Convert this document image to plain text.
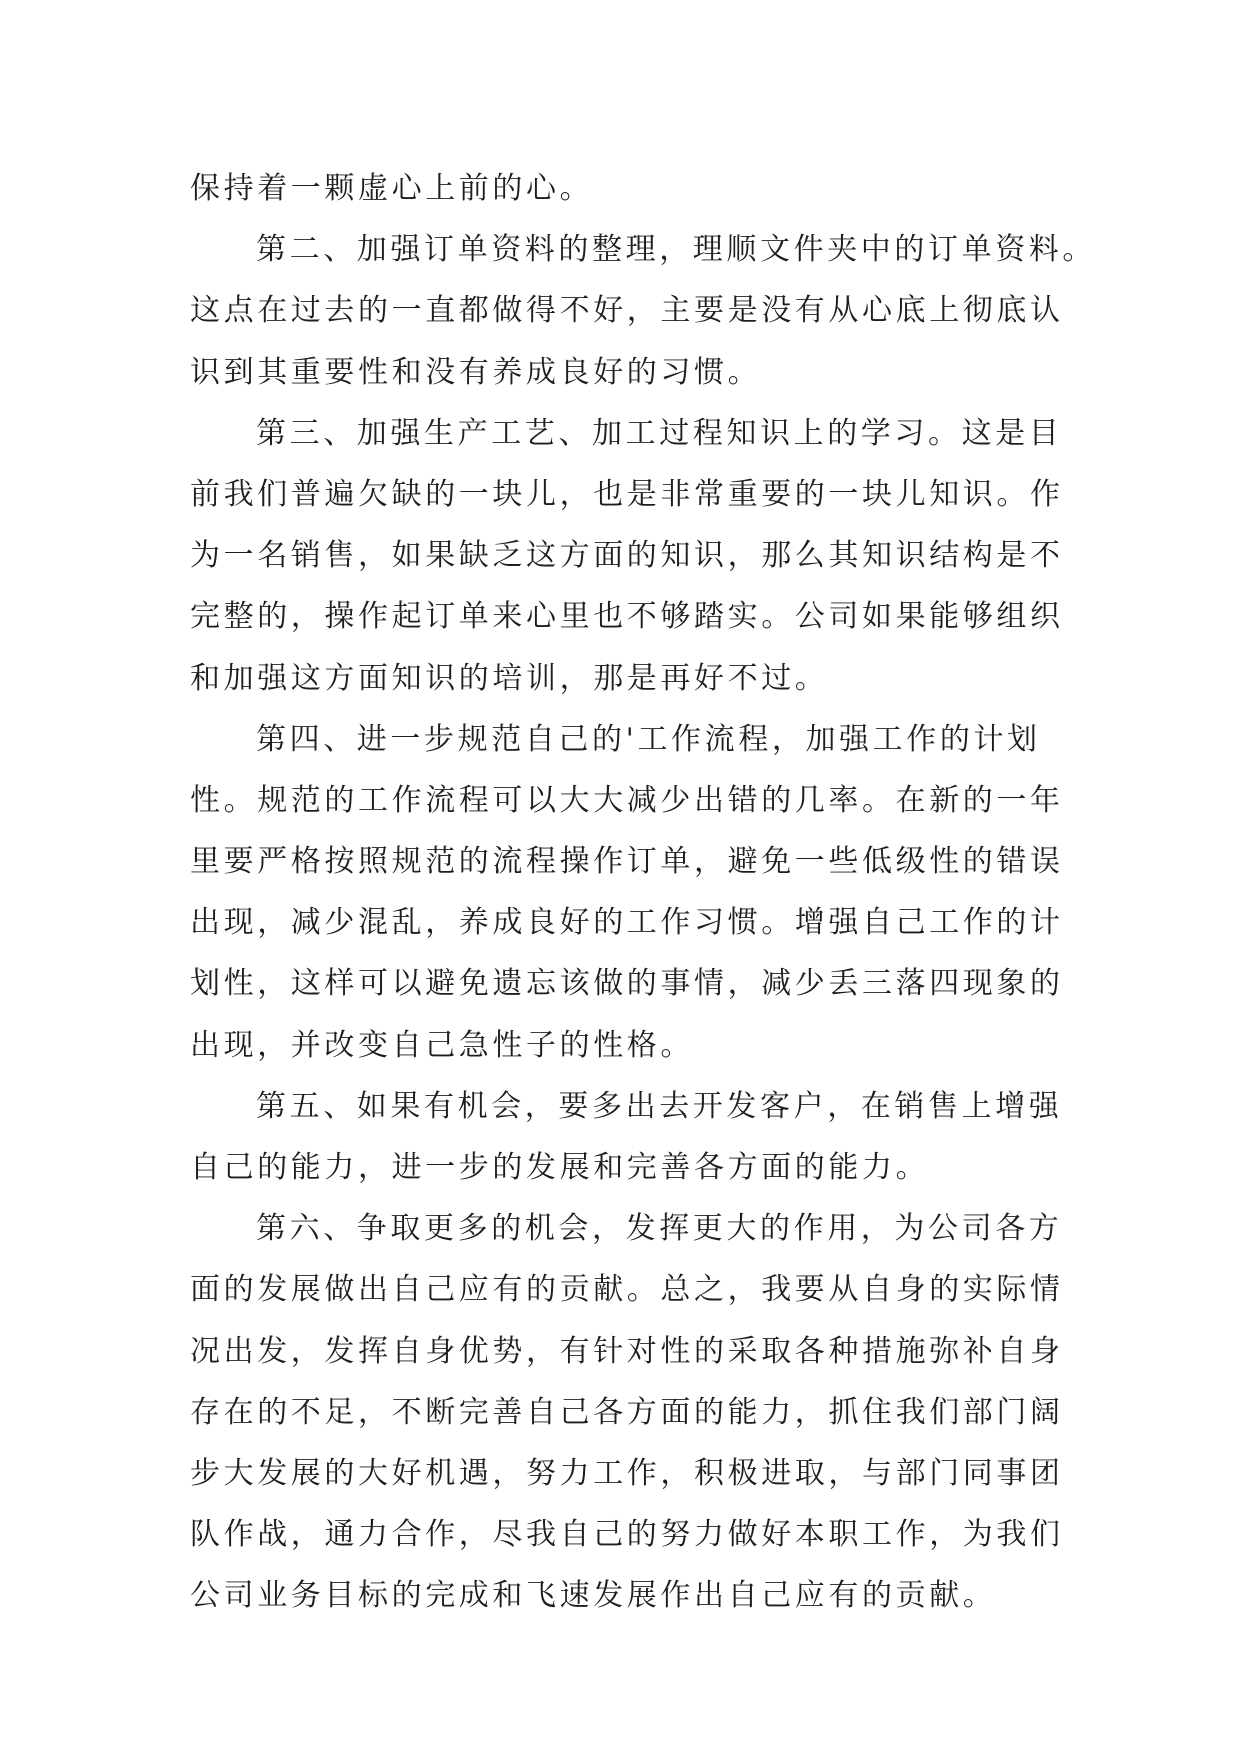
保持着一颗虚心上前的心。
第二、加强订单资料的整理，理顺文件夹中的订单资料。
这点在过去的一直都做得不好，主要是没有从心底上彻底认
识到其重要性和没有养成良好的习惯。
第三、加强生产工艺、加工过程知识上的学习。这是目
前我们普遍欠缺的一块儿，也是非常重要的一块儿知识。作
为一名销售，如果缺乏这方面的知识，那么其知识结构是不
完整的，操作起订单来心里也不够踏实。公司如果能够组织
和加强这方面知识的培训，那是再好不过。
第四、进一步规范自己的'工作流程，加强工作的计划
性。规范的工作流程可以大大减少出错的几率。在新的一年
里要严格按照规范的流程操作订单，避免一些低级性的错误
出现，减少混乱，养成良好的工作习惯。增强自己工作的计
划性，这样可以避免遗忘该做的事情，减少丢三落四现象的
出现，并改变自己急性子的性格。
第五、如果有机会，要多出去开发客户，在销售上增强
自己的能力，进一步的发展和完善各方面的能力。
第六、争取更多的机会，发挥更大的作用，为公司各方
面的发展做出自己应有的贡献。总之，我要从自身的实际情
况出发，发挥自身优势，有针对性的采取各种措施弥补自身
存在的不足，不断完善自己各方面的能力，抓住我们部门阔
步大发展的大好机遇，努力工作，积极进取，与部门同事团
队作战，通力合作，尽我自己的努力做好本职工作，为我们
公司业务目标的完成和飞速发展作出自己应有的贡献。
